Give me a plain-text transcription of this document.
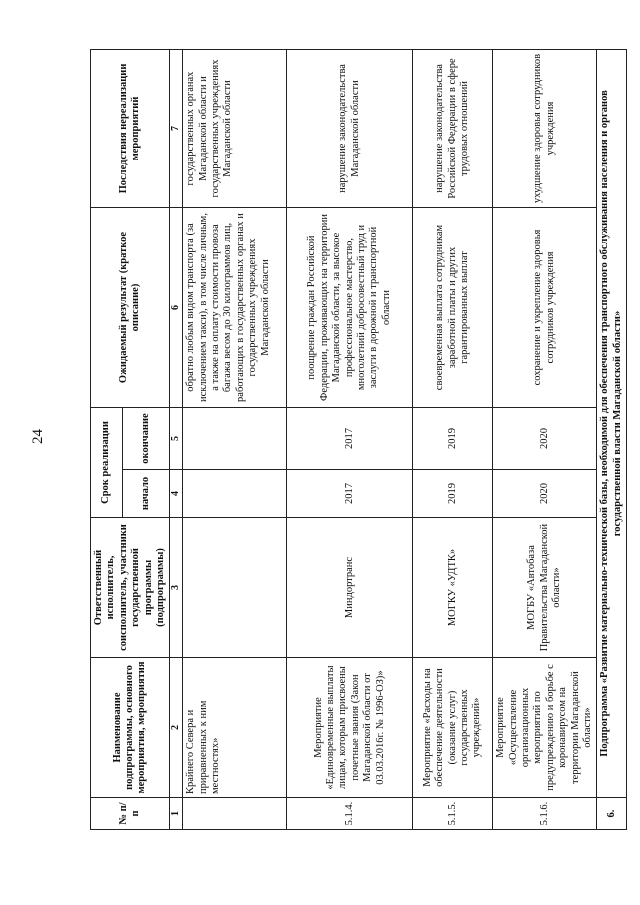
24
№ п/п	Наименование подпрограммы, основного мероприятия, мероприятия	Ответственный исполнитель, соисполнитель, участники государственной программы (подпрограммы)	Срок реализации		Ожидаемый результат (краткое описание)	Последствия нереализации мероприятий
			начало	окончание		
1	2	3	4	5	6	7
	Крайнего Севера и приравненных к ним местностях»				обратно любым видом транспорта (за исключением такси), в том числе личным, а также на оплату стоимости провоза багажа весом до 30 килограммов лиц, работающих в государственных органах и государственных учреждениях Магаданской области	государственных органах Магаданской области и государственных учреждениях Магаданской области
5.1.4.	Мероприятие «Единовременные выплаты лицам, которым присвоены почетные звания (Закон Магаданской области от 03.03.2016г. № 1996-ОЗ)»	Миндортранс	2017	2017	поощрение граждан Российской Федерации, проживающих на территории Магаданской области, за высокое профессиональное мастерство, многолетний добросовестный труд и заслуги в дорожной и транспортной области	нарушение законодательства Магаданской области
5.1.5.	Мероприятие «Расходы на обеспечение деятельности (оказание услуг) государственных учреждений»	МОГКУ «УДТК»	2019	2019	своевременная выплата сотрудникам заработной платы и других гарантированных выплат	нарушение законодательства Российской Федерации в сфере трудовых отношений
5.1.6.	Мероприятие «Осуществление организационных мероприятий по предупреждению и борьбе с коронавирусом на территории Магаданской области»	МОГБУ «Автобаза Правительства Магаданской области»	2020	2020	сохранение и укрепление здоровья сотрудников учреждения	ухудшение здоровья сотрудников учреждения
6.	Подпрограмма «Развитие материально-технической базы, необходимой для обеспечения транспортного обслуживания населения и органов государственной власти Магаданской области»					
